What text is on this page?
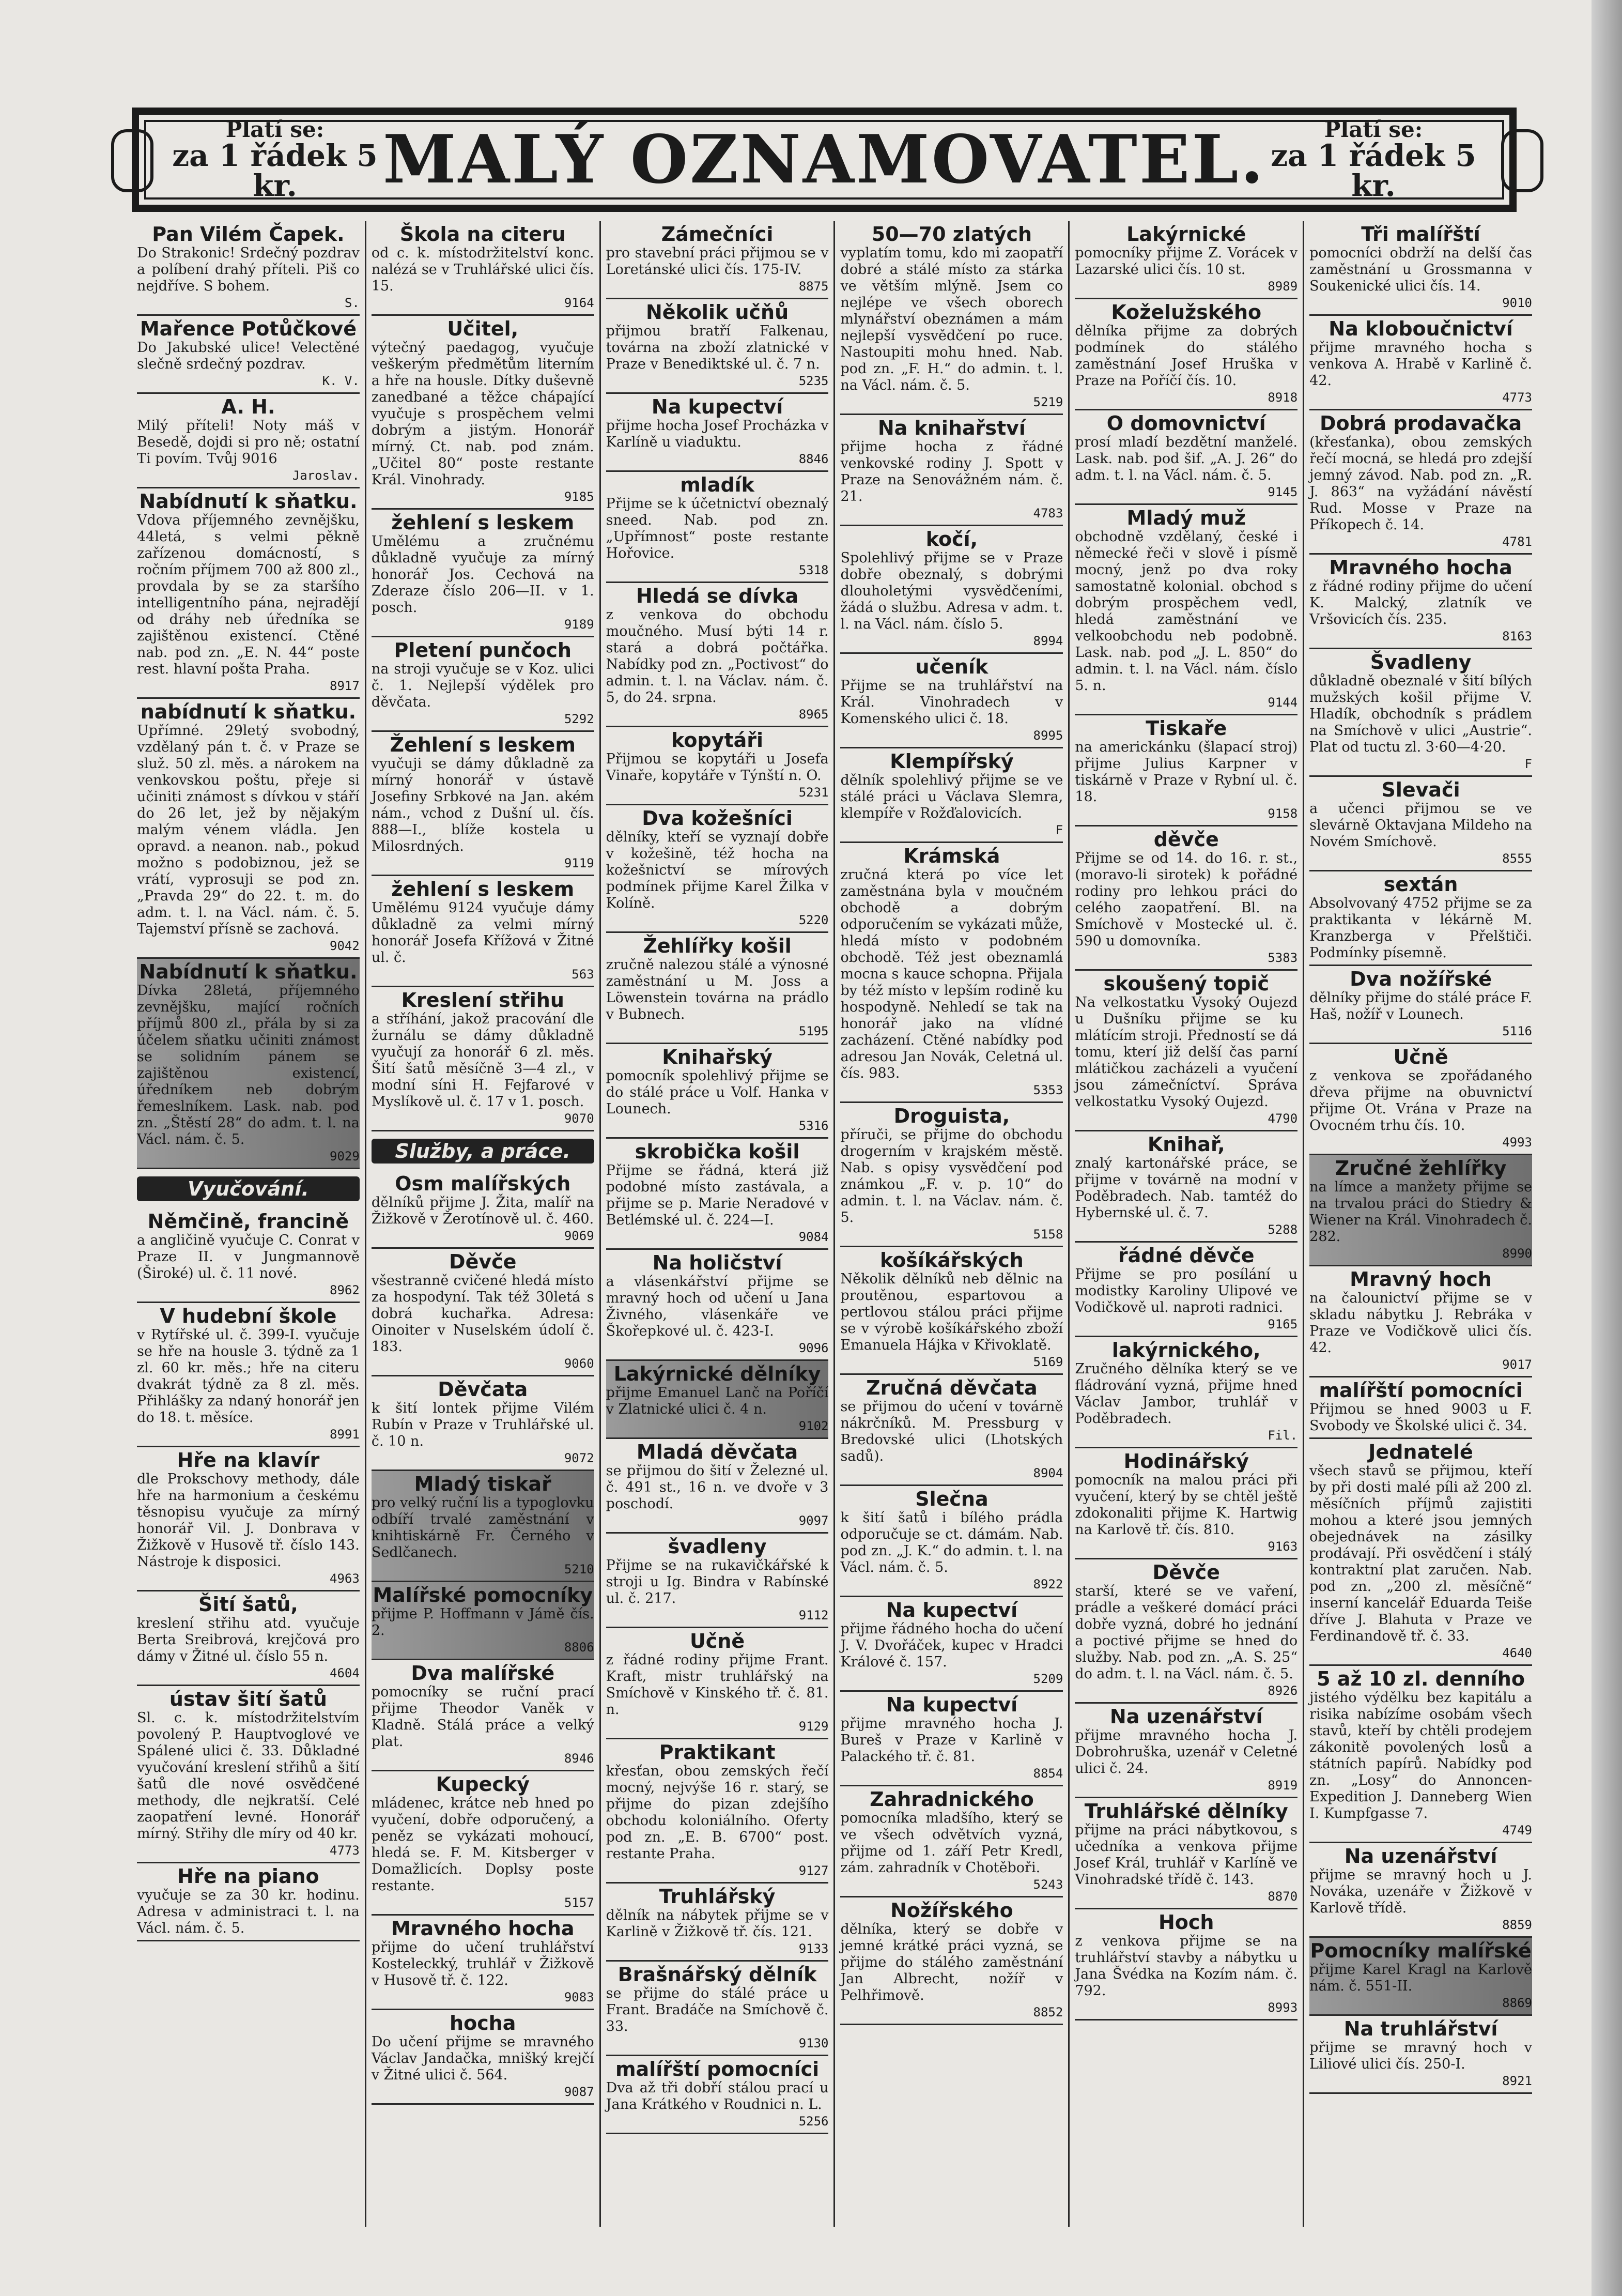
Platí se:
za 1 řádek 5 kr.	MALÝ OZNAMOVATEL.	Platí se:
za 1 řádek 5 kr.
Pan Vilém Čapek.
Do Strakonic! Srdečný pozdrav a políbení drahý příteli. Piš co nejdříve. S bohem.
S.
Mařence Potůčkové
Do Jakubské ulice! Velectěné slečně srdečný pozdrav.
K. V.
A. H.
Milý příteli! Noty máš v Besedě, dojdi si pro ně; ostatní Ti povím. Tvůj 9016
Jaroslav.
Nabídnutí k sňatku.
Vdova příjemného zevnějšku, 44letá, s velmi pěkně zařízenou domácností, s ročním příjmem 700 až 800 zl., provdala by se za staršího intelligentního pána, nejradějí od dráhy neb úředníka se zajištěnou existencí. Ctěné nab. pod zn. „E. N. 44“ poste rest. hlavní pošta Praha.
8917
nabídnutí k sňatku.
Upřímné. 29letý svobodný, vzdělaný pán t. č. v Praze se služ. 50 zl. měs. a nárokem na venkovskou poštu, přeje si učiniti známost s dívkou v stáří do 26 let, jež by nějakým malým vénem vládla. Jen opravd. a neanon. nab., pokud možno s podobiznou, jež se vrátí, vyprosuji se pod zn. „Pravda 29“ do 22. t. m. do adm. t. l. na Václ. nám. č. 5. Tajemství přísně se zachová.
9042
Nabídnutí k sňatku.
Dívka 28letá, příjemného zevnějšku, mající ročních příjmů 800 zl., přála by si za účelem sňatku učiniti známost se solidním pánem se zajištěnou existencí, úředníkem neb dobrým řemeslníkem. Lask. nab. pod zn. „Štěstí 28“ do adm. t. l. na Václ. nám. č. 5.
9029
Vyučování.
Němčině, francině
a angličině vyučuje C. Conrat v Praze II. v Jungmannově (Široké) ul. č. 11 nové.
8962
V hudební škole
v Rytířské ul. č. 399-I. vyučuje se hře na housle 3. týdně za 1 zl. 60 kr. měs.; hře na citeru dvakrát týdně za 8 zl. měs. Přihlášky za ndaný honorář jen do 18. t. měsíce.
8991
Hře na klavír
dle Prokschovy methody, dále hře na harmonium a českému těsnopisu vyučuje za mírný honorář Vil. J. Donbrava v Žižkově v Husově tř. číslo 143. Nástroje k disposici.
4963
Šití šatů,
kreslení střihu atd. vyučuje Berta Sreibrová, krejčová pro dámy v Žitné ul. číslo 55 n.
4604
ústav šití šatů
Sl. c. k. místodržitelstvím povolený P. Hauptvoglové ve Spálené ulici č. 33. Důkladné vyučování kreslení střihů a šití šatů dle nové osvědčené methody, dle nejkratší. Celé zaopatření levné. Honorář mírný. Střihy dle míry od 40 kr.
4773
Hře na piano
vyučuje se za 30 kr. hodinu. Adresa v administraci t. l. na Václ. nám. č. 5.
Škola na citeru
od c. k. místodržitelství konc. nalézá se v Truhlářské ulici čís. 15.
9164
Učitel,
výtečný paedagog, vyučuje veškerým předmětům literním a hře na housle. Dítky duševně zanedbané a těžce chápající vyučuje s prospěchem velmi dobrým a jistým. Honorář mírný. Ct. nab. pod znám. „Učitel 80“ poste restante Král. Vinohrady.
9185
žehlení s leskem
Umělému a zručnému důkladně vyučuje za mírný honorář Jos. Cechová na Zderaze číslo 206—II. v 1. posch.
9189
Pletení punčoch
na stroji vyučuje se v Koz. ulici č. 1. Nejlepší výdělek pro děvčata.
5292
Žehlení s leskem
vyučuji se dámy důkladně za mírný honorář v ústavě Josefiny Srbkové na Jan. akém nám., vchod z Dušní ul. čís. 888—I., blíže kostela u Milosrdných.
9119
žehlení s leskem
Umělému 9124 vyučuje dámy důkladně za velmi mírný honorář Josefa Křížová v Žitné ul. č.
563
Kreslení střihu
a stříhání, jakož pracování dle žurnálu se dámy důkladně vyučují za honorář 6 zl. měs. Šití šatů měsíčně 3—4 zl., v modní síni H. Fejfarové v Myslíkově ul. č. 17 v 1. posch.
9070
Služby, a práce.
Osm malířských
dělníků přijme J. Žita, malíř na Žižkově v Žerotínově ul. č. 460.
9069
Děvče
všestranně cvičené hledá místo za hospodyní. Tak též 30letá s dobrá kuchařka. Adresa: Oinoiter v Nuselském údolí č. 183.
9060
Děvčata
k šití lontek přijme Vilém Rubín v Praze v Truhlářské ul. č. 10 n.
9072
Mladý tiskař
pro velký ruční lis a typoglovku odbíří trvalé zaměstnání v knihtiskárně Fr. Černého v Sedlčanech.
5210
Malířské pomocníky
přijme P. Hoffmann v Jámě čís. 2.
8806
Dva malířské
pomocníky se ruční prací přijme Theodor Vaněk v Kladně. Stálá práce a velký plat.
8946
Kupecký
mládenec, krátce neb hned po vyučení, dobře odporučený, a peněz se vykázati mohoucí, hledá se. F. M. Kitsberger v Domažlicích. Doplsy poste restante.
5157
Mravného hocha
přijme do učení truhlářství Kosteleckký, truhlář v Žižkově v Husově tř. č. 122.
9083
hocha
Do učení přijme se mravného Václav Jandačka, mnišký krejčí v Žitné ulici č. 564.
9087
Zámečníci
pro stavební práci přijmou se v Loretánské ulici čís. 175-IV.
8875
Několik učňů
přijmou bratří Falkenau, továrna na zboží zlatnické v Praze v Benediktské ul. č. 7 n.
5235
Na kupectví
přijme hocha Josef Procházka v Karlíně u viaduktu.
8846
mladík
Přijme se k účetnictví obeznalý sneed. Nab. pod zn. „Upřímnost“ poste restante Hořovice.
5318
Hledá se dívka
z venkova do obchodu moučného. Musí býti 14 r. stará a dobrá počtářka. Nabídky pod zn. „Poctivost“ do admin. t. l. na Václav. nám. č. 5, do 24. srpna.
8965
kopytáři
Přijmou se kopytáři u Josefa Vinaře, kopytáře v Týnští n. O.
5231
Dva kožešníci
dělníky, kteří se vyznají dobře v kožešině, též hocha na kožešnictví se mírových podmínek přijme Karel Žilka v Kolíně.
5220
Žehlířky košil
zručně nalezou stálé a výnosné zaměstnání u M. Joss a Löwenstein továrna na prádlo v Bubnech.
5195
Knihařský
pomocník spolehlivý přijme se do stálé práce u Volf. Hanka v Lounech.
5316
skrobička košil
Přijme se řádná, která již podobné místo zastávala, a přijme se p. Marie Neradové v Betlémské ul. č. 224—I.
9084
Na holičství
a vlásenkářství přijme se mravný hoch od učení u Jana Živného, vlásenkáře ve Škořepkové ul. č. 423-I.
9096
Lakýrnické dělníky
přijme Emanuel Lanč na Poříčí v Zlatnické ulici č. 4 n.
9102
Mladá děvčata
se přijmou do šití v Železné ul. č. 491 st., 16 n. ve dvoře v 3 poschodí.
9097
švadleny
Přijme se na rukavičkářské k stroji u Ig. Bindra v Rabínské ul. č. 217.
9112
Učně
z řádné rodiny přijme Frant. Kraft, mistr truhlářský na Smíchově v Kinského tř. č. 81. n.
9129
Praktikant
křesťan, obou zemských řečí mocný, nejvýše 16 r. starý, se přijme do pizan zdejšího obchodu koloniálního. Oferty pod zn. „E. B. 6700“ post. restante Praha.
9127
Truhlářský
dělník na nábytek přijme se v Karlině v Žižkově tř. čís. 121.
9133
Brašnářský dělník
se přijme do stálé práce u Frant. Bradáče na Smíchově č. 33.
9130
malířští pomocníci
Dva až tři dobří stálou prací u Jana Krátkého v Roudnici n. L.
5256
50—70 zlatých
vyplatím tomu, kdo mi zaopatří dobré a stálé místo za stárka ve větším mlýně. Jsem co nejlépe ve všech oborech mlynářství obeznámen a mám nejlepší vysvědčení po ruce. Nastoupiti mohu hned. Nab. pod zn. „F. H.“ do admin. t. l. na Václ. nám. č. 5.
5219
Na knihařství
přijme hocha z řádné venkovské rodiny J. Spott v Praze na Senovážném nám. č. 21.
4783
kočí,
Spolehlivý přijme se v Praze dobře obeznalý, s dobrými dlouholetými vysvědčeními, žádá o službu. Adresa v adm. t. l. na Václ. nám. číslo 5.
8994
učeník
Přijme se na truhlářství na Král. Vinohradech v Komenského ulici č. 18.
8995
Klempířský
dělník spolehlivý přijme se ve stálé práci u Václava Slemra, klempíře v Rožďalovicích.
F
Krámská
zručná která po více let zaměstnána byla v moučném obchodě a dobrým odporučením se vykázati může, hledá místo v podobném obchodě. Též jest obeznamlá mocna s kauce schopna. Přijala by též místo v lepším rodině ku hospodyně. Nehledí se tak na honorář jako na vlídné zacházení. Ctěné nabídky pod adresou Jan Novák, Celetná ul. čís. 983.
5353
Droguista,
příruči, se přijme do obchodu drogerním v krajském městě. Nab. s opisy vysvědčení pod známkou „F. v. p. 10“ do admin. t. l. na Václav. nám. č. 5.
5158
košíkářských
Několik dělníků neb dělnic na proutěnou, espartovou a pertlovou stálou práci přijme se v výrobě košíkářského zboží Emanuela Hájka v Křivoklatě.
5169
Zručná děvčata
se přijmou do učení v továrně nákrčníků. M. Pressburg v Bredovské ulici (Lhotských sadů).
8904
Slečna
k šití šatů i bílého prádla odporučuje se ct. dámám. Nab. pod zn. „J. K.“ do admin. t. l. na Václ. nám. č. 5.
8922
Na kupectví
přijme řádného hocha do učení J. V. Dvořáček, kupec v Hradci Králové č. 157.
5209
Na kupectví
přijme mravného hocha J. Bureš v Praze v Karlině v Palackého tř. č. 81.
8854
Zahradnického
pomocníka mladšího, který se ve všech odvětvích vyzná, přijme od 1. září Petr Kredl, zám. zahradník v Chotěboři.
5243
Nožířského
dělníka, který se dobře v jemné krátké práci vyzná, se přijme do stálého zaměstnání Jan Albrecht, nožíř v Pelhřimově.
8852
Lakýrnické
pomocníky přijme Z. Vorácek v Lazarské ulici čís. 10 st.
8989
Koželužského
dělníka přijme za dobrých podmínek do stálého zaměstnání Josef Hruška v Praze na Poříčí čís. 10.
8918
O domovnictví
prosí mladí bezdětní manželé. Lask. nab. pod šif. „A. J. 26“ do adm. t. l. na Václ. nám. č. 5.
9145
Mladý muž
obchodně vzdělaný, české i německé řeči v slově i písmě mocný, jenž po dva roky samostatně kolonial. obchod s dobrým prospěchem vedl, hledá zaměstnání ve velkoobchodu neb podobně. Lask. nab. pod „J. L. 850“ do admin. t. l. na Václ. nám. číslo 5. n.
9144
Tiskaře
na americkánku (šlapací stroj) přijme Julius Karpner v tiskárně v Praze v Rybní ul. č. 18.
9158
děvče
Přijme se od 14. do 16. r. st., (moravo-li sirotek) k pořádné rodiny pro lehkou práci do celého zaopatření. Bl. na Smíchově v Mostecké ul. č. 590 u domovníka.
5383
skoušený topič
Na velkostatku Vysoký Oujezd u Dušníku přijme se ku mlátícím stroji. Předností se dá tomu, kterí již delší čas parní mlátičkou zacházeli a vyučení jsou zámečníctví. Správa velkostatku Vysoký Oujezd.
4790
Knihař,
znalý kartonářské práce, se přijme v továrně na modní v Poděbradech. Nab. tamtéž do Hybernské ul. č. 7.
5288
řádné děvče
Přijme se pro posílání u modistky Karoliny Ulipové ve Vodičkově ul. naproti radnici.
9165
lakýrnického,
Zručného dělníka který se ve fládrování vyzná, přijme hned Václav Jambor, truhlář v Poděbradech.
Fil.
Hodinářský
pomocník na malou práci při vyučení, který by se chtěl ještě zdokonaliti přijme K. Hartwig na Karlově tř. čís. 810.
9163
Děvče
starší, které se ve vaření, prádle a veškeré domácí práci dobře vyzná, dobré ho jednání a poctivé přijme se hned do služby. Nab. pod zn. „A. S. 25“ do adm. t. l. na Václ. nám. č. 5.
8926
Na uzenářství
přijme mravného hocha J. Dobrohruška, uzenář v Celetné ulici č. 24.
8919
Truhlářské dělníky
přijme na práci nábytkovou, s učedníka a venkova přijme Josef Král, truhlář v Karlíně ve Vinohradské třídě č. 143.
8870
Hoch
z venkova přijme se na truhlářství stavby a nábytku u Jana Švédka na Kozím nám. č. 792.
8993
Tři malířští
pomocníci obdrží na delší čas zaměstnání u Grossmanna v Soukenické ulici čís. 14.
9010
Na kloboučnictví
přijme mravného hocha s venkova A. Hrabě v Karlině č. 42.
4773
Dobrá prodavačka
(křesťanka), obou zemských řečí mocná, se hledá pro zdejší jemný závod. Nab. pod zn. „R. J. 863“ na vyžádání návěstí Rud. Mosse v Praze na Příkopech č. 14.
4781
Mravného hocha
z řádné rodiny přijme do učení K. Malcký, zlatník ve Vršovicích čís. 235.
8163
Švadleny
důkladně obeznalé v šití bílých mužských košil přijme V. Hladík, obchodník s prádlem na Smíchově v ulici „Austrie“. Plat od tuctu zl. 3·60—4·20.
F
Slevači
a učenci přijmou se ve slevárně Oktavjana Mildeho na Novém Smíchově.
8555
sextán
Absolvovaný 4752 přijme se za praktikanta v lékárně M. Kranzberga v Přelštiči. Podmínky písemně.
Dva nožířské
dělníky přijme do stálé práce F. Haš, nožíř v Lounech.
5116
Učně
z venkova se zpořádaného dřeva přijme na obuvnictví přijme Ot. Vrána v Praze na Ovocném trhu čís. 10.
4993
Zručné žehlířky
na límce a manžety přijme se na trvalou práci do Stiedry & Wiener na Král. Vinohradech č. 282.
8990
Mravný hoch
na čalounictví přijme se v skladu nábytku J. Rebráka v Praze ve Vodičkově ulici čís. 42.
9017
malířští pomocníci
Přijmou se hned 9003 u F. Svobody ve Školské ulici č. 34.
Jednatelé
všech stavů se přijmou, kteří by při dosti malé píli až 200 zl. měsíčních příjmů zajistiti mohou a které jsou jemných obejednávek na zásilky prodávají. Při osvědčení i stálý kontraktní plat zaručen. Nab. pod zn. „200 zl. měsíčně“ inserní kancelář Eduarda Teiše dříve J. Blahuta v Praze ve Ferdinandově tř. č. 33.
4640
5 až 10 zl. denního
jistého výdělku bez kapitálu a risika nabízíme osobám všech stavů, kteří by chtěli prodejem zákonitě povolených losů a státních papírů. Nabídky pod zn. „Losy“ do Annoncen-Expedition J. Danneberg Wien I. Kumpfgasse 7.
4749
Na uzenářství
přijme se mravný hoch u J. Nováka, uzenáře v Žižkově v Karlově třídě.
8859
Pomocníky malířské
přijme Karel Kragl na Karlově nám. č. 551-II.
8869
Na truhlářství
přijme se mravný hoch v Liliové ulici čís. 250-I.
8921
